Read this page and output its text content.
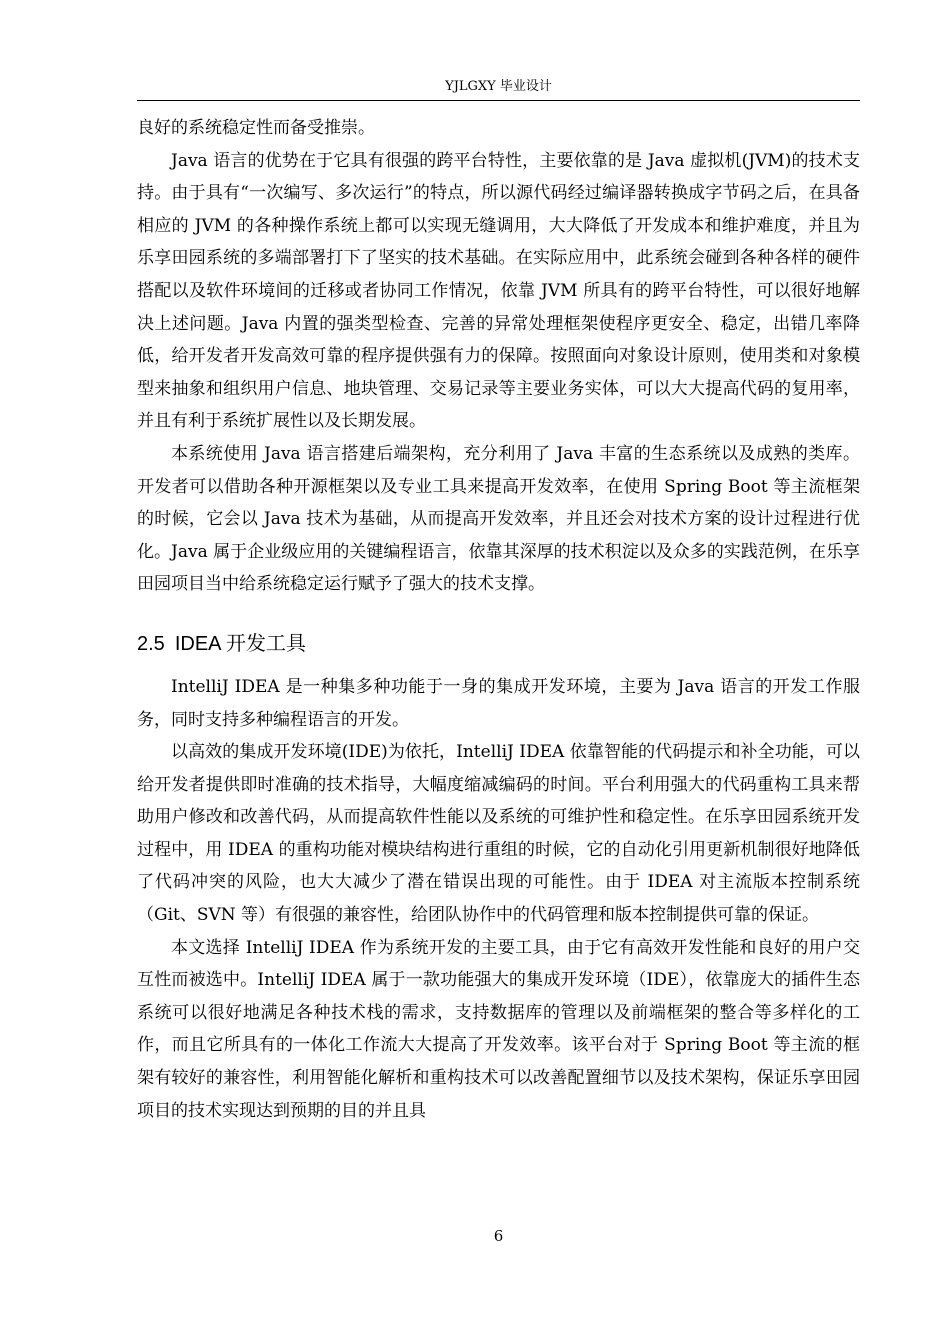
YJLGXY 毕业设计

良好的系统稳定性而备受推崇。

Java 语言的优势在于它具有很强的跨平台特性，主要依靠的是 Java 虚拟机(JVM)的技术支持。由于具有“一次编写、多次运行”的特点，所以源代码经过编译器转换成字节码之后，在具备相应的 JVM 的各种操作系统上都可以实现无缝调用，大大降低了开发成本和维护难度，并且为乐享田园系统的多端部署打下了坚实的技术基础。在实际应用中，此系统会碰到各种各样的硬件搭配以及软件环境间的迁移或者协同工作情况，依靠 JVM 所具有的跨平台特性，可以很好地解决上述问题。Java 内置的强类型检查、完善的异常处理框架使程序更安全、稳定，出错几率降低，给开发者开发高效可靠的程序提供强有力的保障。按照面向对象设计原则，使用类和对象模型来抽象和组织用户信息、地块管理、交易记录等主要业务实体，可以大大提高代码的复用率，并且有利于系统扩展性以及长期发展。

本系统使用 Java 语言搭建后端架构，充分利用了 Java 丰富的生态系统以及成熟的类库。开发者可以借助各种开源框架以及专业工具来提高开发效率，在使用 Spring Boot 等主流框架的时候，它会以 Java 技术为基础，从而提高开发效率，并且还会对技术方案的设计过程进行优化。Java 属于企业级应用的关键编程语言，依靠其深厚的技术积淀以及众多的实践范例，在乐享田园项目当中给系统稳定运行赋予了强大的技术支撑。

2.5 IDEA 开发工具

IntelliJ IDEA 是一种集多种功能于一身的集成开发环境，主要为 Java 语言的开发工作服务，同时支持多种编程语言的开发。

以高效的集成开发环境(IDE)为依托，IntelliJ IDEA 依靠智能的代码提示和补全功能，可以给开发者提供即时准确的技术指导，大幅度缩减编码的时间。平台利用强大的代码重构工具来帮助用户修改和改善代码，从而提高软件性能以及系统的可维护性和稳定性。在乐享田园系统开发过程中，用 IDEA 的重构功能对模块结构进行重组的时候，它的自动化引用更新机制很好地降低了代码冲突的风险，也大大减少了潜在错误出现的可能性。由于 IDEA 对主流版本控制系统（Git、SVN 等）有很强的兼容性，给团队协作中的代码管理和版本控制提供可靠的保证。

本文选择 IntelliJ IDEA 作为系统开发的主要工具，由于它有高效开发性能和良好的用户交互性而被选中。IntelliJ IDEA 属于一款功能强大的集成开发环境（IDE），依靠庞大的插件生态系统可以很好地满足各种技术栈的需求，支持数据库的管理以及前端框架的整合等多样化的工作，而且它所具有的一体化工作流大大提高了开发效率。该平台对于 Spring Boot 等主流的框架有较好的兼容性，利用智能化解析和重构技术可以改善配置细节以及技术架构，保证乐享田园项目的技术实现达到预期的目的并且具

6
